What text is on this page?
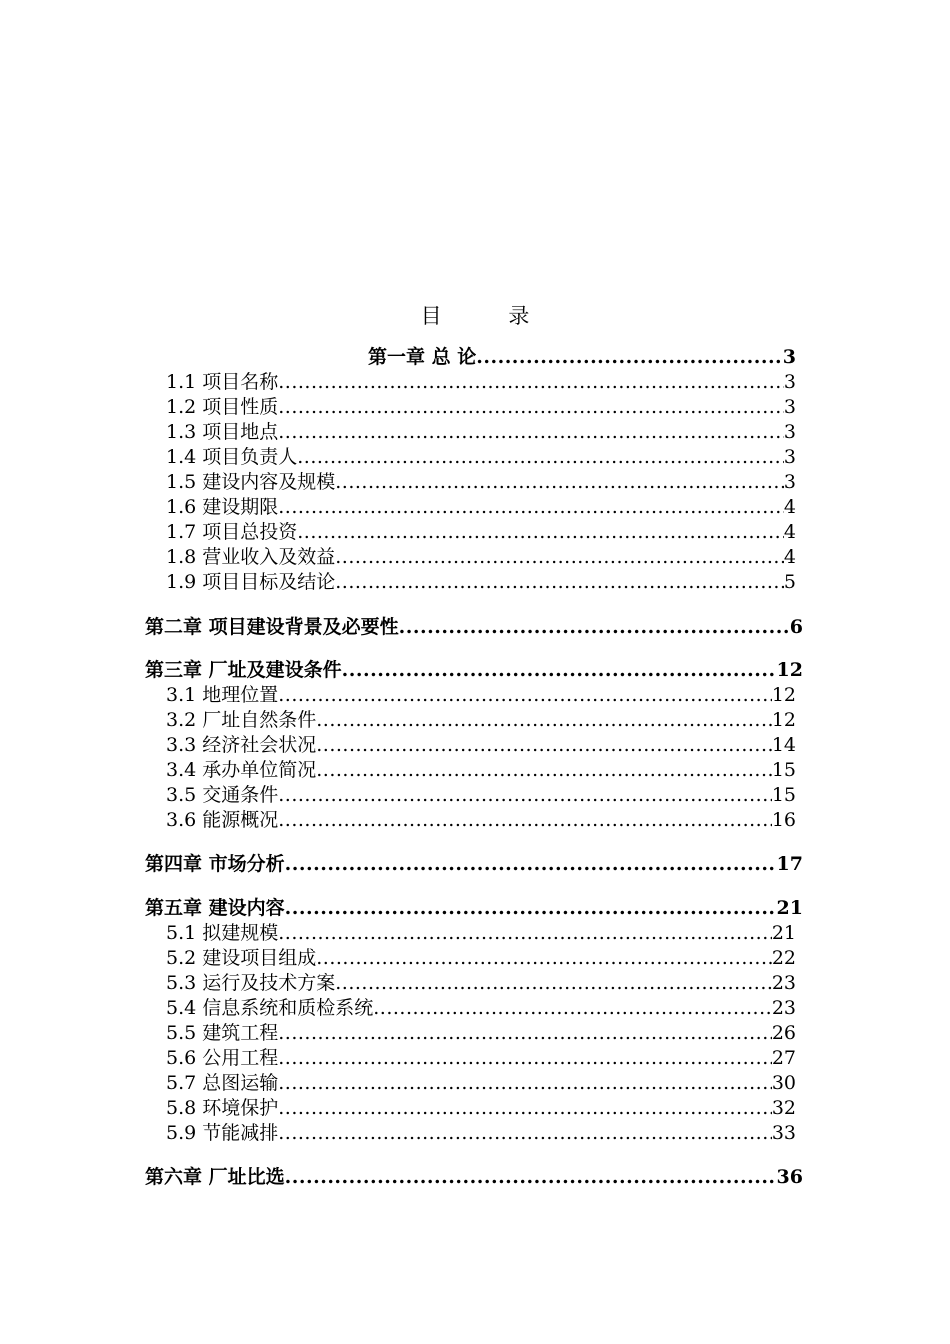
目          录
第一章 总 论 .....	3
1.1 项目名称 .....	3
1.2 项目性质 .....	3
1.3 项目地点 .....	3
1.4 项目负责人 .....	3
1.5 建设内容及规模 .....	3
1.6 建设期限 .....	4
1.7 项目总投资 .....	4
1.8 营业收入及效益 .....	4
1.9 项目目标及结论 .....	5
第二章 项目建设背景及必要性 .....	6
第三章 厂址及建设条件 .....	12
3.1 地理位置 .....	12
3.2 厂址自然条件 .....	12
3.3 经济社会状况 .....	14
3.4 承办单位简况 .....	15
3.5 交通条件 .....	15
3.6 能源概况 .....	16
第四章 市场分析 .....	17
第五章 建设内容 .....	21
5.1 拟建规模 .....	21
5.2 建设项目组成 .....	22
5.3 运行及技术方案 .....	23
5.4 信息系统和质检系统 .....	23
5.5 建筑工程 .....	26
5.6 公用工程 .....	27
5.7 总图运输 .....	30
5.8 环境保护 .....	32
5.9 节能减排 .....	33
第六章 厂址比选 .....	36
